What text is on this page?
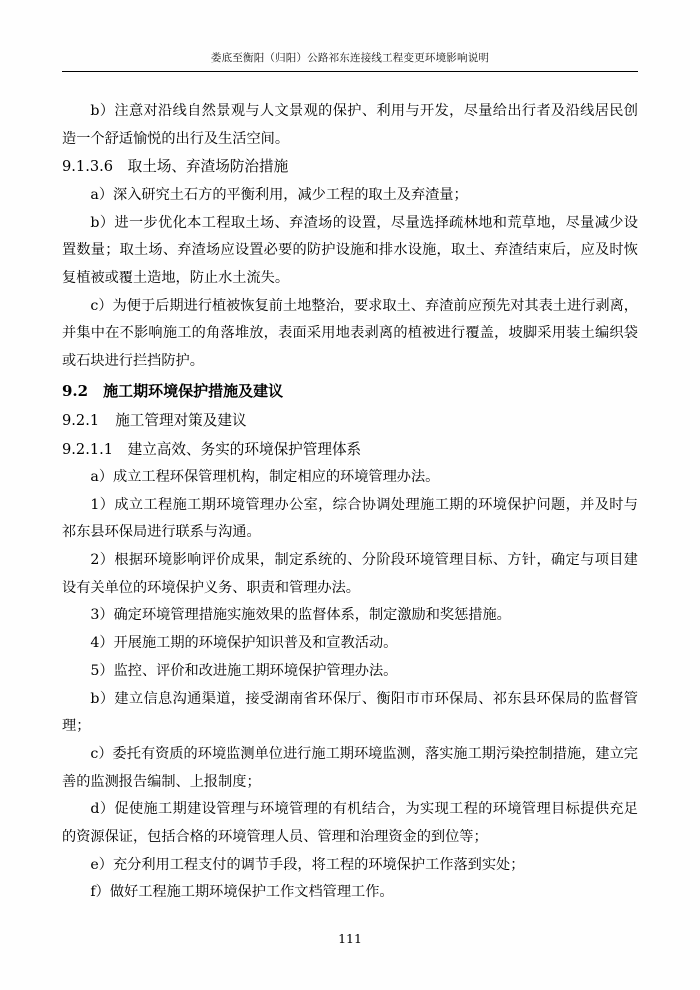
娄底至衡阳（归阳）公路祁东连接线工程变更环境影响说明

b）注意对沿线自然景观与人文景观的保护、利用与开发，尽量给出行者及沿线居民创造一个舒适愉悦的出行及生活空间。

9.1.3.6　取土场、弃渣场防治措施

a）深入研究土石方的平衡利用，减少工程的取土及弃渣量；

b）进一步优化本工程取土场、弃渣场的设置，尽量选择疏林地和荒草地，尽量减少设置数量；取土场、弃渣场应设置必要的防护设施和排水设施，取土、弃渣结束后，应及时恢复植被或覆土造地，防止水土流失。

c）为便于后期进行植被恢复前土地整治，要求取土、弃渣前应预先对其表土进行剥离，并集中在不影响施工的角落堆放，表面采用地表剥离的植被进行覆盖，坡脚采用装土编织袋或石块进行拦挡防护。

9.2　施工期环境保护措施及建议

9.2.1 施工管理对策及建议

9.2.1.1　建立高效、务实的环境保护管理体系

a）成立工程环保管理机构，制定相应的环境管理办法。

1）成立工程施工期环境管理办公室，综合协调处理施工期的环境保护问题，并及时与祁东县环保局进行联系与沟通。

2）根据环境影响评价成果，制定系统的、分阶段环境管理目标、方针，确定与项目建设有关单位的环境保护义务、职责和管理办法。

3）确定环境管理措施实施效果的监督体系，制定激励和奖惩措施。

4）开展施工期的环境保护知识普及和宣教活动。

5）监控、评价和改进施工期环境保护管理办法。

b）建立信息沟通渠道，接受湖南省环保厅、衡阳市市环保局、祁东县环保局的监督管理；

c）委托有资质的环境监测单位进行施工期环境监测，落实施工期污染控制措施，建立完善的监测报告编制、上报制度；

d）促使施工期建设管理与环境管理的有机结合，为实现工程的环境管理目标提供充足的资源保证，包括合格的环境管理人员、管理和治理资金的到位等；

e）充分利用工程支付的调节手段，将工程的环境保护工作落到实处；

f）做好工程施工期环境保护工作文档管理工作。

111
